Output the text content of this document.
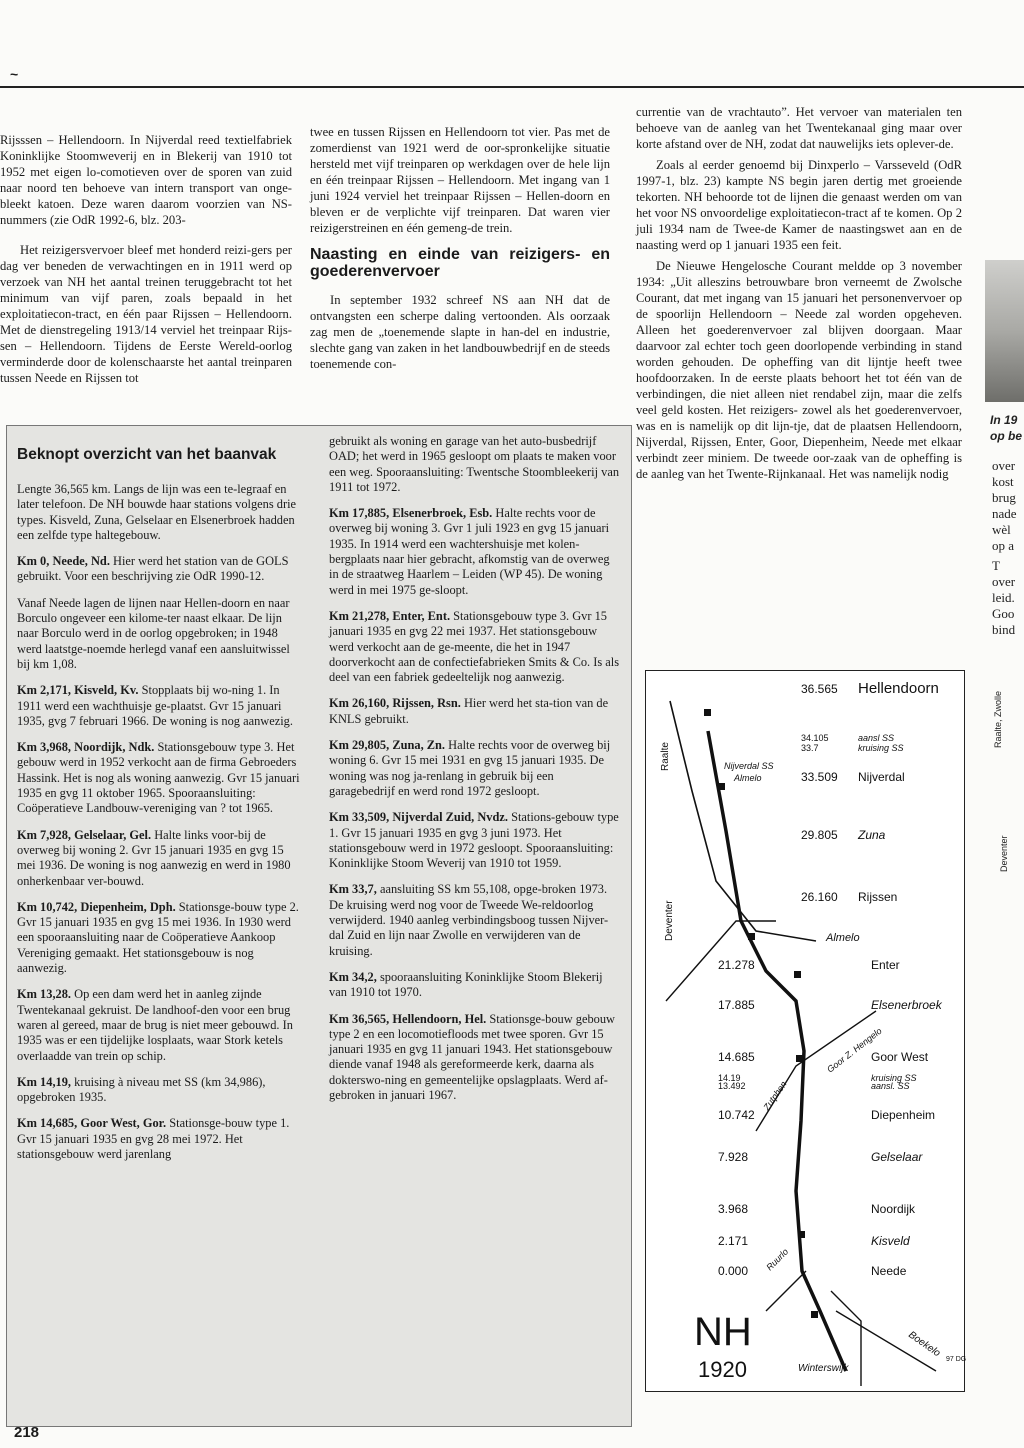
~

Rijsssen – Hellendoorn. In Nijverdal reed textielfabriek Koninklijke Stoomweverij en in Blekerij van 1910 tot 1952 met eigen lo-comotieven over de sporen van zuid naar noord ten behoeve van intern transport van onge-bleekt katoen. Deze waren daarom voorzien van NS-nummers (zie OdR 1992-6, blz. 203-

Het reizigersvervoer bleef met honderd reizi-gers per dag ver beneden de verwachtingen en in 1911 werd op verzoek van NH het aantal treinen teruggebracht tot het minimum van vijf paren, zoals bepaald in het exploitatiecon-tract, en één paar Rijssen – Hellendoorn. Met de dienstregeling 1913/14 verviel het treinpaar Rijs-sen – Hellendoorn. Tijdens de Eerste Wereld-oorlog verminderde door de kolenschaarste het aantal treinparen tussen Neede en Rijssen tot

twee en tussen Rijssen en Hellendoorn tot vier. Pas met de zomerdienst van 1921 werd de oor-spronkelijke situatie hersteld met vijf treinparen op werkdagen over de hele lijn en één treinpaar Rijssen – Hellendoorn. Met ingang van 1 juni 1924 verviel het treinpaar Rijssen – Hellen-doorn en bleven er de verplichte vijf treinparen. Dat waren vier reizigerstreinen en één gemeng-de trein.

Naasting en einde van reizigers- en goederenvervoer

In september 1932 schreef NS aan NH dat de ontvangsten een scherpe daling vertoonden. Als oorzaak zag men de „toenemende slapte in han-del en industrie, slechte gang van zaken in het landbouwbedrijf en de steeds toenemende con-

currentie van de vrachtauto”. Het vervoer van materialen ten behoeve van de aanleg van het Twentekanaal ging maar over korte afstand over de NH, zodat dat nauwelijks iets oplever-de.

Zoals al eerder genoemd bij Dinxperlo – Varsseveld (OdR 1997-1, blz. 23) kampte NS begin jaren dertig met groeiende tekorten. NH behoorde tot de lijnen die genaast werden om van het voor NS onvoordelige exploitatiecon-tract af te komen. Op 2 juli 1934 nam de Twee-de Kamer de naastingswet aan en de naasting werd op 1 januari 1935 een feit.

De Nieuwe Hengelosche Courant meldde op 3 november 1934: „Uit alleszins betrouwbare bron verneemt de Zwolsche Courant, dat met ingang van 15 januari het personenvervoer op de spoorlijn Hellendoorn – Neede zal worden opgeheven. Alleen het goederenvervoer zal blijven doorgaan. Maar daarvoor zal echter toch geen doorlopende verbinding in stand worden gehouden. De opheffing van dit lijntje heeft twee hoofdoorzaken. In de eerste plaats behoort het tot één van de verbindingen, die niet alleen niet rendabel zijn, maar die zelfs veel geld kosten. Het reizigers- zowel als het goederenvervoer, was en is namelijk op dit lijn-tje, dat de plaatsen Hellendoorn, Nijverdal, Rijssen, Enter, Goor, Diepenheim, Neede met elkaar verbindt zeer miniem. De tweede oor-zaak van de opheffing is de aanleg van het Twente-Rijnkanaal. Het was namelijk nodig

Beknopt overzicht van het baanvak

Lengte 36,565 km. Langs de lijn was een te-legraaf en later telefoon. De NH bouwde haar stations volgens drie types. Kisveld, Zuna, Gelselaar en Elsenerbroek hadden een zelfde type haltegebouw.

Km 0, Neede, Nd. Hier werd het station van de GOLS gebruikt. Voor een beschrijving zie OdR 1990-12.

Vanaf Neede lagen de lijnen naar Hellen-doorn en naar Borculo ongeveer een kilome-ter naast elkaar. De lijn naar Borculo werd in de oorlog opgebroken; in 1948 werd laatstge-noemde herlegd vanaf een aansluitwissel bij km 1,08.

Km 2,171, Kisveld, Kv. Stopplaats bij wo-ning 1. In 1911 werd een wachthuisje ge-plaatst. Gvr 15 januari 1935, gvg 7 februari 1966. De woning is nog aanwezig.

Km 3,968, Noordijk, Ndk. Stationsgebouw type 3. Het gebouw werd in 1952 verkocht aan de firma Gebroeders Hassink. Het is nog als woning aanwezig. Gvr 15 januari 1935 en gvg 11 oktober 1965. Spooraansluiting: Coöperatieve Landbouw-vereniging van ? tot 1965.

Km 7,928, Gelselaar, Gel. Halte links voor-bij de overweg bij woning 2. Gvr 15 januari 1935 en gvg 15 mei 1936. De woning is nog aanwezig en werd in 1980 onherkenbaar ver-bouwd.

Km 10,742, Diepenheim, Dph. Stationsge-bouw type 2. Gvr 15 januari 1935 en gvg 15 mei 1936. In 1930 werd een spooraansluiting naar de Coöperatieve Aankoop Vereniging gemaakt. Het stationsgebouw is nog aanwezig.

Km 13,28. Op een dam werd het in aanleg zijnde Twentekanaal gekruist. De landhoof-den voor een brug waren al gereed, maar de brug is niet meer gebouwd. In 1935 was er een tijdelijke losplaats, waar Stork ketels overlaadde van trein op schip.

Km 14,19, kruising à niveau met SS (km 34,986), opgebroken 1935.

Km 14,685, Goor West, Gor. Stationsge-bouw type 1. Gvr 15 januari 1935 en gvg 28 mei 1972. Het stationsgebouw werd jarenlang

gebruikt als woning en garage van het auto-busbedrijf OAD; het werd in 1965 gesloopt om plaats te maken voor een weg. Spooraansluiting: Twentsche Stoombleekerij van 1911 tot 1972.

Km 17,885, Elsenerbroek, Esb. Halte rechts voor de overweg bij woning 3. Gvr 1 juli 1923 en gvg 15 januari 1935. In 1914 werd een wachtershuisje met kolen-bergplaats naar hier gebracht, afkomstig van de overweg in de straatweg Haarlem – Leiden (WP 45). De woning werd in mei 1975 ge-sloopt.

Km 21,278, Enter, Ent. Stationsgebouw type 3. Gvr 15 januari 1935 en gvg 22 mei 1937. Het stationsgebouw werd verkocht aan de ge-meente, die het in 1947 doorverkocht aan de confectiefabrieken Smits & Co. Is als deel van een fabriek gedeeltelijk nog aanwezig.

Km 26,160, Rijssen, Rsn. Hier werd het sta-tion van de KNLS gebruikt.

Km 29,805, Zuna, Zn. Halte rechts voor de overweg bij woning 6. Gvr 15 mei 1931 en gvg 15 januari 1935. De woning was nog ja-renlang in gebruik bij een garagebedrijf en werd rond 1972 gesloopt.

Km 33,509, Nijverdal Zuid, Nvdz. Stations-gebouw type 1. Gvr 15 januari 1935 en gvg 3 juni 1973. Het stationsgebouw werd in 1972 gesloopt. Spooraansluiting: Koninklijke Stoom Weverij van 1910 tot 1959.

Km 33,7, aansluiting SS km 55,108, opge-broken 1973. De kruising werd nog voor de Tweede We-reldoorlog verwijderd. 1940 aanleg verbindingsboog tussen Nijver-dal Zuid en lijn naar Zwolle en verwijderen van de kruising.

Km 34,2, spooraansluiting Koninklijke Stoom Blekerij van 1910 tot 1970.

Km 36,565, Hellendoorn, Hel. Stationsge-bouw gebouw type 2 en een locomotiefloods met twee sporen. Gvr 15 januari 1935 en gvg 11 januari 1943. Het stationsgebouw diende vanaf 1948 als gereformeerde kerk, daarna als dokterswo-ning en gemeentelijke opslagplaats. Werd af-gebroken in januari 1967.

36.565 Hellendoorn
34.105	aansl SS
33.7	kruising SS
33.509 Nijverdal
29.805 Zuna
26.160 Rijssen
21.278	Enter
17.885	Elsenerbroek
14.685	Goor West
14.19	kruising SS
13.492	aansl. SS
10.742	Diepenheim
7.928	Gelselaar
3.968	Noordijk
2.171	Kisveld
0.000	Neede
Raalte	Nijverdal SS
Almelo
Deventer	Almelo
Goor Z. Hengelo
Zutphen
Ruurlo
Winterswijk
Boekelo
97 DG
NH
1920
In 19
op be
over
kost
brug
nade
wèl
op a
T
over
leid.
Goo
bind
Raalte, Zwolle
Deventer
218
